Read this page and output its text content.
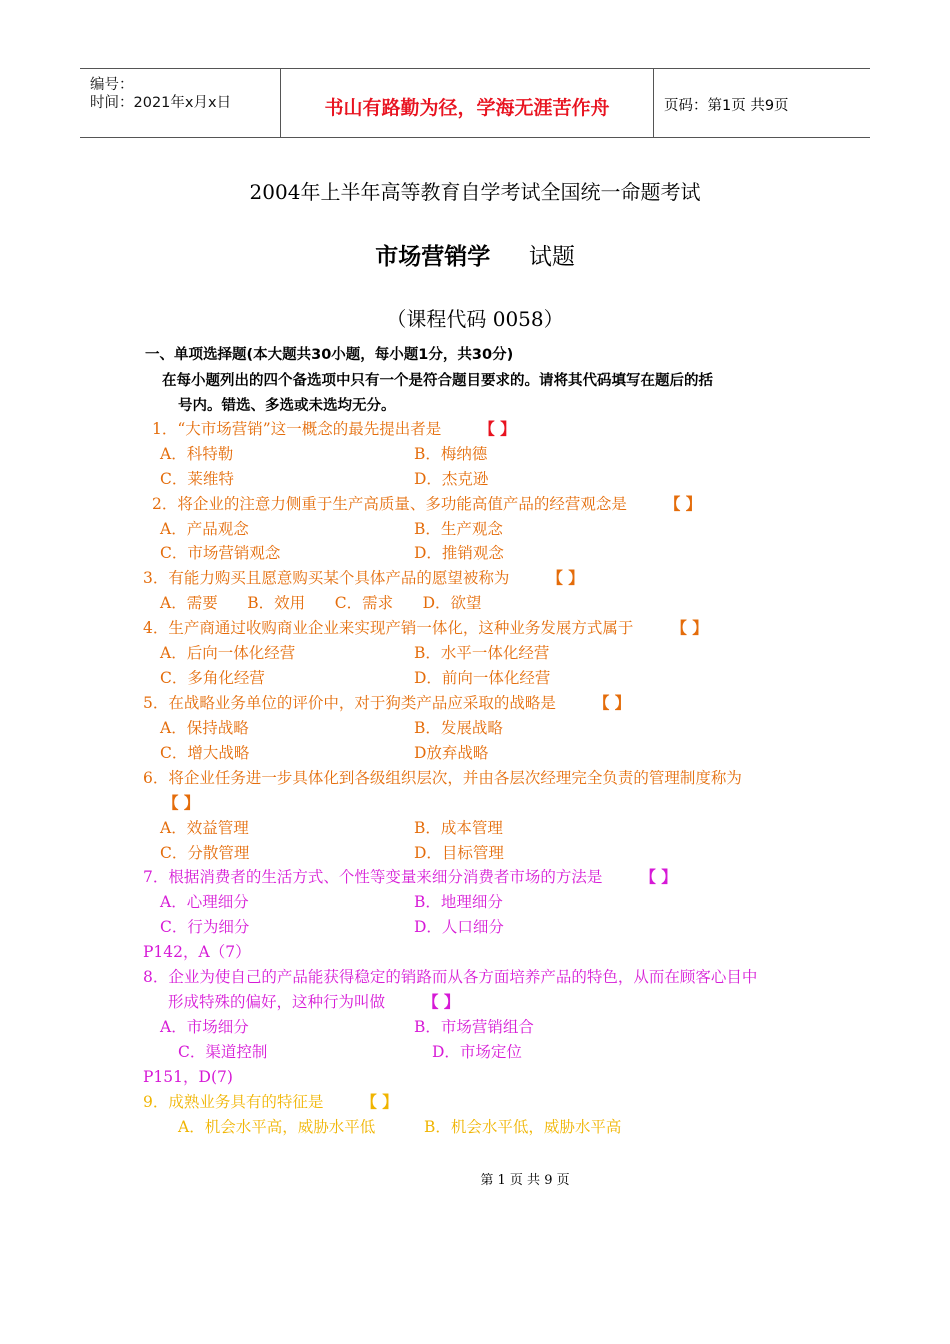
编号：
时间：2021年x月x日	书山有路勤为径，学海无涯苦作舟	页码：第1页 共9页
2004年上半年高等教育自学考试全国统一命题考试
市场营销学 试题
（课程代码 0058）
一、单项选择题(本大题共30小题，每小题1分，共30分)
在每小题列出的四个备选项中只有一个是符合题目要求的。请将其代码填写在题后的括
号内。错选、多选或未选均无分。
1．“大市场营销”这一概念的最先提出者是 【 】
A．科特勒	B．梅纳德
C．莱维特	D．杰克逊
2．将企业的注意力侧重于生产高质量、多功能高值产品的经营观念是 【 】
A．产品观念	B．生产观念
C．市场营销观念	D．推销观念
3．有能力购买且愿意购买某个具体产品的愿望被称为 【 】
A．需要      B．效用      C．需求      D．欲望
4．生产商通过收购商业企业来实现产销一体化，这种业务发展方式属于 【 】
A．后向一体化经营	B．水平一体化经营
C．多角化经营	D．前向一体化经营
5．在战略业务单位的评价中，对于狗类产品应采取的战略是 【 】
A．保持战略	B．发展战略
C．增大战略	D放弃战略
6．将企业任务进一步具体化到各级组织层次，并由各层次经理完全负责的管理制度称为
【 】
A．效益管理	B．成本管理
C．分散管理	D．目标管理
7．根据消费者的生活方式、个性等变量来细分消费者市场的方法是 【 】
A．心理细分	B．地理细分
C．行为细分	D．人口细分
P142，A（7）
8．企业为使自己的产品能获得稳定的销路而从各方面培养产品的特色，从而在顾客心目中
形成特殊的偏好，这种行为叫做 【 】
A．市场细分	B．市场营销组合
C．渠道控制	D．市场定位
P151，D(7)
9．成熟业务具有的特征是 【 】
A．机会水平高，威胁水平低	B．机会水平低，威胁水平高
第 1 页 共 9 页
